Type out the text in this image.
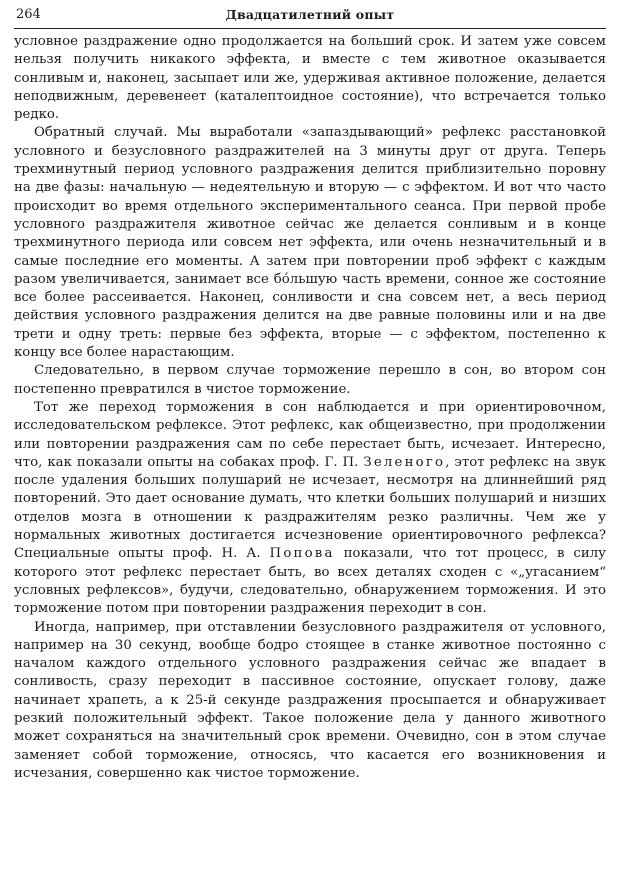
264	Двадцатилетний опыт

условное раздражение одно продолжается на больший срок. И затем уже совсем нельзя получить никакого эффекта, и вместе с тем животное оказывается сонливым и, наконец, засыпает или же, удерживая активное положение, делается неподвижным, деревенеет (каталептоидное состояние), что встречается только редко.

Обратный случай. Мы выработали «запаздывающий» рефлекс расстановкой условного и безусловного раздражителей на 3 минуты друг от друга. Теперь трехминутный период условного раздражения делится приблизительно поровну на две фазы: начальную — недеятельную и вторую — с эффектом. И вот что часто происходит во время отдельного экспериментального сеанса. При первой пробе условного раздражителя животное сейчас же делается сонливым и в конце трехминутного периода или совсем нет эффекта, или очень незначительный и в самые последние его моменты. А затем при повторении проб эффект с каждым разом увеличивается, занимает все бо́льшую часть времени, сонное же состояние все более рассеивается. Наконец, сонливости и сна совсем нет, а весь период действия условного раздражения делится на две равные половины или и на две трети и одну треть: первые без эффекта, вторые — с эффектом, постепенно к концу все более нарастающим.

Следовательно, в первом случае торможение перешло в сон, во втором сон постепенно превратился в чистое торможение.

Тот же переход торможения в сон наблюдается и при ориентировочном, исследовательском рефлексе. Этот рефлекс, как общеизвестно, при продолжении или повторении раздражения сам по себе перестает быть, исчезает. Интересно, что, как показали опыты на собаках проф. Г. П. Зеленого, этот рефлекс на звук после удаления больших полушарий не исчезает, несмотря на длиннейший ряд повторений. Это дает основание думать, что клетки больших полушарий и низших отделов мозга в отношении к раздражителям резко различны. Чем же у нормальных животных достигается исчезновение ориентировочного рефлекса? Специальные опыты проф. Н. А. Попова показали, что тот процесс, в силу которого этот рефлекс перестает быть, во всех деталях сходен с «„угасанием“ условных рефлексов», будучи, следовательно, обнаружением торможения. И это торможение потом при повторении раздражения переходит в сон.

Иногда, например, при отставлении безусловного раздражителя от условного, например на 30 секунд, вообще бодро стоящее в станке животное постоянно с началом каждого отдельного условного раздражения сейчас же впадает в сонливость, сразу переходит в пассивное состояние, опускает голову, даже начинает храпеть, а к 25-й секунде раздражения просыпается и обнаруживает резкий положительный эффект. Такое положение дела у данного животного может сохраняться на значительный срок времени. Очевидно, сон в этом случае заменяет собой торможение, относясь, что касается его возникновения и исчезания, совершенно как чистое торможение.
